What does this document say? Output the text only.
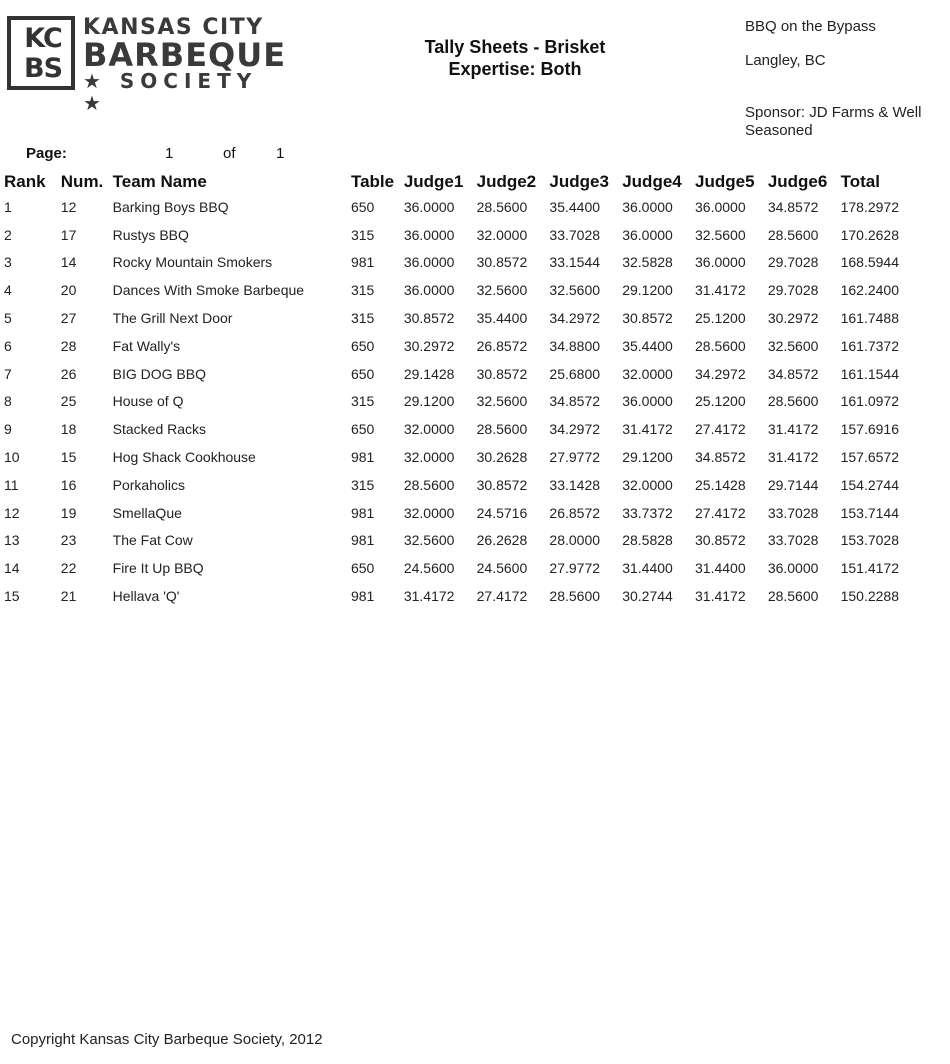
KC
BS
KANSAS CITY
BARBEQUE
★ SOCIETY ★
Tally Sheets - Brisket
Expertise: Both
BBQ on the Bypass
Langley, BC
Sponsor: JD Farms & Well Seasoned
Page:	1	of	1
Rank	Num.	Team Name	Table	Judge1	Judge2	Judge3	Judge4	Judge5	Judge6	Total
1	12	Barking Boys BBQ	650	36.0000	28.5600	35.4400	36.0000	36.0000	34.8572	178.2972
2	17	Rustys BBQ	315	36.0000	32.0000	33.7028	36.0000	32.5600	28.5600	170.2628
3	14	Rocky Mountain Smokers	981	36.0000	30.8572	33.1544	32.5828	36.0000	29.7028	168.5944
4	20	Dances With Smoke Barbeque	315	36.0000	32.5600	32.5600	29.1200	31.4172	29.7028	162.2400
5	27	The Grill Next Door	315	30.8572	35.4400	34.2972	30.8572	25.1200	30.2972	161.7488
6	28	Fat Wally's	650	30.2972	26.8572	34.8800	35.4400	28.5600	32.5600	161.7372
7	26	BIG DOG BBQ	650	29.1428	30.8572	25.6800	32.0000	34.2972	34.8572	161.1544
8	25	House of Q	315	29.1200	32.5600	34.8572	36.0000	25.1200	28.5600	161.0972
9	18	Stacked Racks	650	32.0000	28.5600	34.2972	31.4172	27.4172	31.4172	157.6916
10	15	Hog Shack Cookhouse	981	32.0000	30.2628	27.9772	29.1200	34.8572	31.4172	157.6572
11	16	Porkaholics	315	28.5600	30.8572	33.1428	32.0000	25.1428	29.7144	154.2744
12	19	SmellaQue	981	32.0000	24.5716	26.8572	33.7372	27.4172	33.7028	153.7144
13	23	The Fat Cow	981	32.5600	26.2628	28.0000	28.5828	30.8572	33.7028	153.7028
14	22	Fire It Up BBQ	650	24.5600	24.5600	27.9772	31.4400	31.4400	36.0000	151.4172
15	21	Hellava 'Q'	981	31.4172	27.4172	28.5600	30.2744	31.4172	28.5600	150.2288
Copyright Kansas City Barbeque Society, 2012
